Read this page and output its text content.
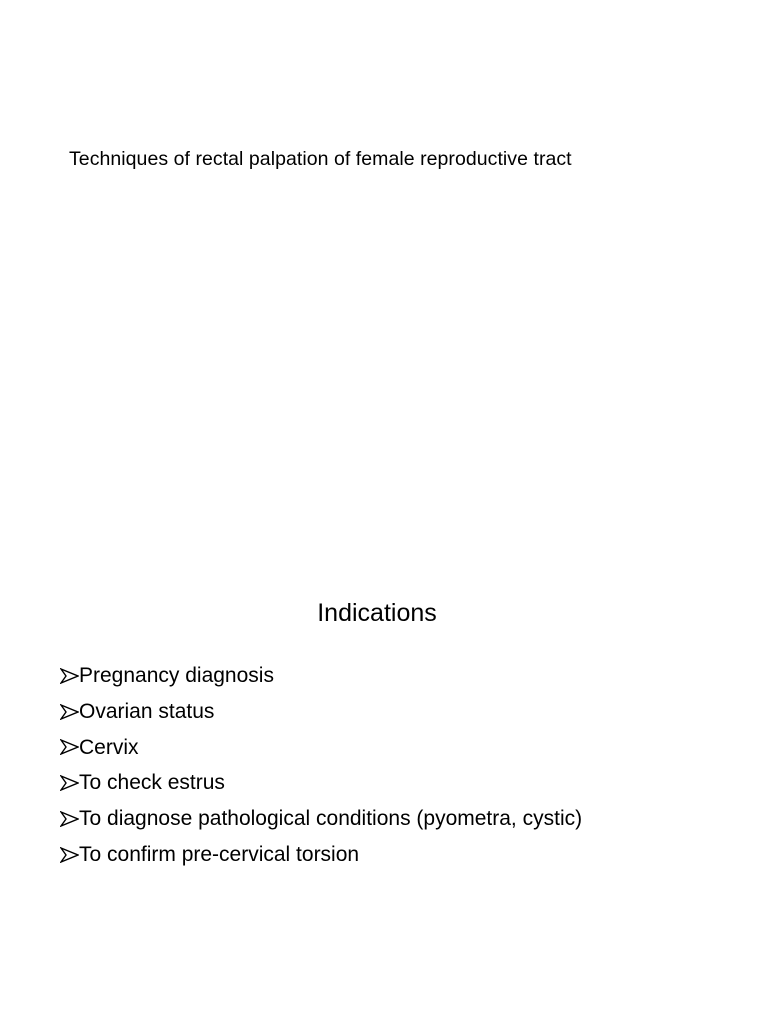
Techniques of rectal palpation of female reproductive tract
Indications
Pregnancy diagnosis
Ovarian status
Cervix
To check estrus
To diagnose pathological conditions (pyometra, cystic)
To confirm pre-cervical torsion
